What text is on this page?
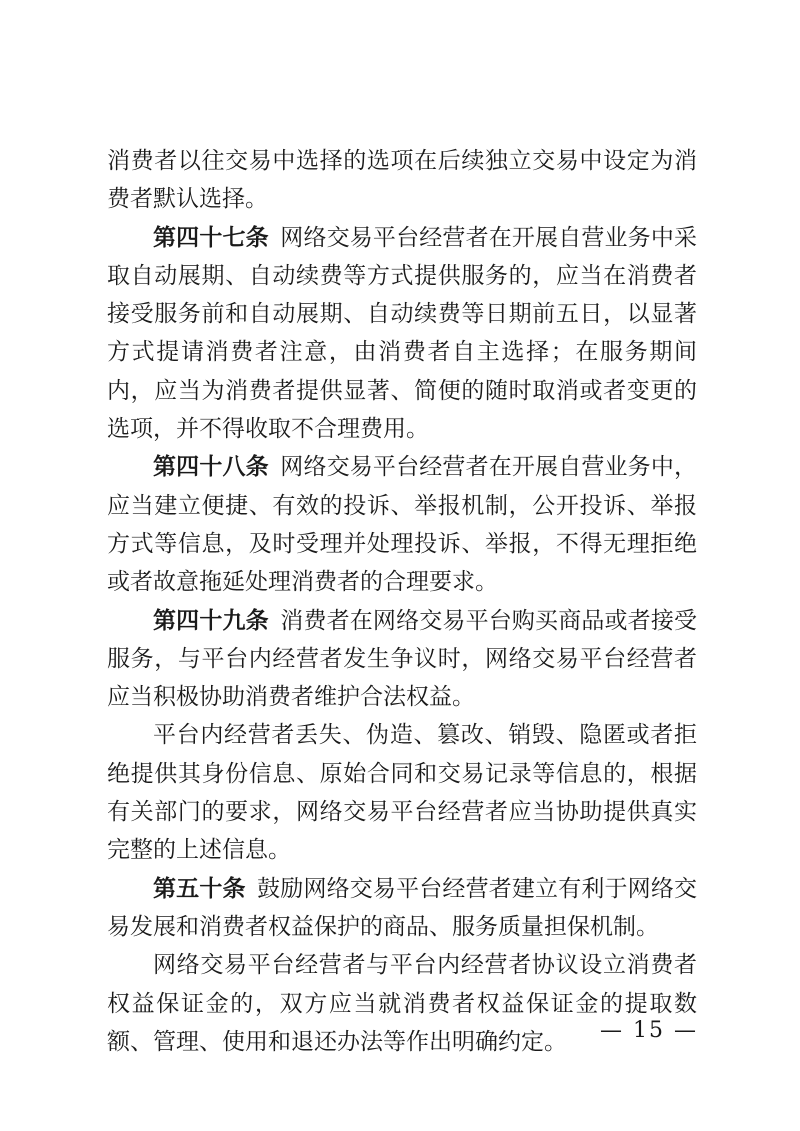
消费者以往交易中选择的选项在后续独立交易中设定为消费者默认选择。

第四十七条 网络交易平台经营者在开展自营业务中采取自动展期、自动续费等方式提供服务的，应当在消费者接受服务前和自动展期、自动续费等日期前五日，以显著方式提请消费者注意，由消费者自主选择；在服务期间内，应当为消费者提供显著、简便的随时取消或者变更的选项，并不得收取不合理费用。

第四十八条 网络交易平台经营者在开展自营业务中，应当建立便捷、有效的投诉、举报机制，公开投诉、举报方式等信息，及时受理并处理投诉、举报，不得无理拒绝或者故意拖延处理消费者的合理要求。

第四十九条 消费者在网络交易平台购买商品或者接受服务，与平台内经营者发生争议时，网络交易平台经营者应当积极协助消费者维护合法权益。

平台内经营者丢失、伪造、篡改、销毁、隐匿或者拒绝提供其身份信息、原始合同和交易记录等信息的，根据有关部门的要求，网络交易平台经营者应当协助提供真实完整的上述信息。

第五十条 鼓励网络交易平台经营者建立有利于网络交易发展和消费者权益保护的商品、服务质量担保机制。

网络交易平台经营者与平台内经营者协议设立消费者权益保证金的，双方应当就消费者权益保证金的提取数额、管理、使用和退还办法等作出明确约定。	— 15 —
